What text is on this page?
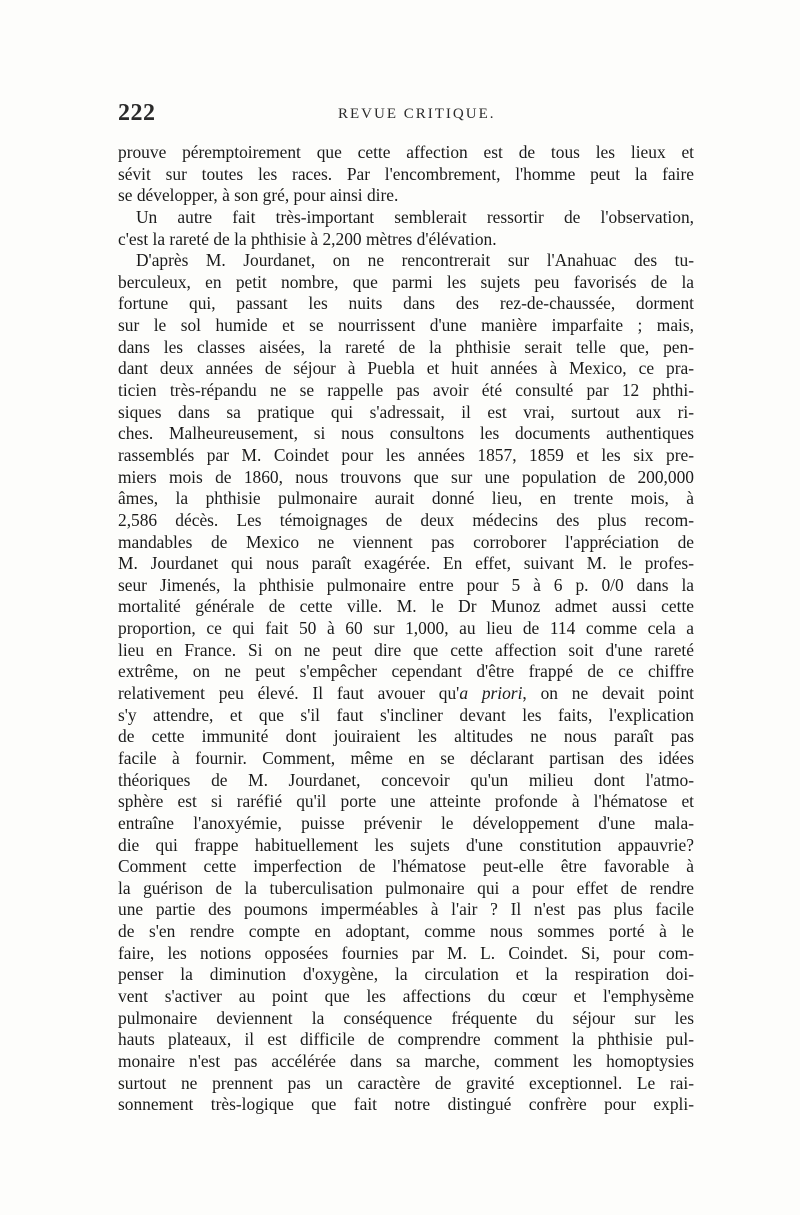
222	REVUE CRITIQUE.
prouve péremptoirement que cette affection est de tous les lieux et
sévit sur toutes les races. Par l'encombrement, l'homme peut la faire
se développer, à son gré, pour ainsi dire.
Un autre fait très-important semblerait ressortir de l'observation,
c'est la rareté de la phthisie à 2,200 mètres d'élévation.
D'après M. Jourdanet, on ne rencontrerait sur l'Anahuac des tu-
berculeux, en petit nombre, que parmi les sujets peu favorisés de la
fortune qui, passant les nuits dans des rez-de-chaussée, dorment
sur le sol humide et se nourrissent d'une manière imparfaite ; mais,
dans les classes aisées, la rareté de la phthisie serait telle que, pen-
dant deux années de séjour à Puebla et huit années à Mexico, ce pra-
ticien très-répandu ne se rappelle pas avoir été consulté par 12 phthi-
siques dans sa pratique qui s'adressait, il est vrai, surtout aux ri-
ches. Malheureusement, si nous consultons les documents authentiques
rassemblés par M. Coindet pour les années 1857, 1859 et les six pre-
miers mois de 1860, nous trouvons que sur une population de 200,000
âmes, la phthisie pulmonaire aurait donné lieu, en trente mois, à
2,586 décès. Les témoignages de deux médecins des plus recom-
mandables de Mexico ne viennent pas corroborer l'appréciation de
M. Jourdanet qui nous paraît exagérée. En effet, suivant M. le profes-
seur Jimenés, la phthisie pulmonaire entre pour 5 à 6 p. 0/0 dans la
mortalité générale de cette ville. M. le Dr Munoz admet aussi cette
proportion, ce qui fait 50 à 60 sur 1,000, au lieu de 114 comme cela a
lieu en France. Si on ne peut dire que cette affection soit d'une rareté
extrême, on ne peut s'empêcher cependant d'être frappé de ce chiffre
relativement peu élevé. Il faut avouer qu'a priori, on ne devait point
s'y attendre, et que s'il faut s'incliner devant les faits, l'explication
de cette immunité dont jouiraient les altitudes ne nous paraît pas
facile à fournir. Comment, même en se déclarant partisan des idées
théoriques de M. Jourdanet, concevoir qu'un milieu dont l'atmo-
sphère est si raréfié qu'il porte une atteinte profonde à l'hématose et
entraîne l'anoxyémie, puisse prévenir le développement d'une mala-
die qui frappe habituellement les sujets d'une constitution appauvrie?
Comment cette imperfection de l'hématose peut-elle être favorable à
la guérison de la tuberculisation pulmonaire qui a pour effet de rendre
une partie des poumons imperméables à l'air ? Il n'est pas plus facile
de s'en rendre compte en adoptant, comme nous sommes porté à le
faire, les notions opposées fournies par M. L. Coindet. Si, pour com-
penser la diminution d'oxygène, la circulation et la respiration doi-
vent s'activer au point que les affections du cœur et l'emphysème
pulmonaire deviennent la conséquence fréquente du séjour sur les
hauts plateaux, il est difficile de comprendre comment la phthisie pul-
monaire n'est pas accélérée dans sa marche, comment les homoptysies
surtout ne prennent pas un caractère de gravité exceptionnel. Le rai-
sonnement très-logique que fait notre distingué confrère pour expli-
